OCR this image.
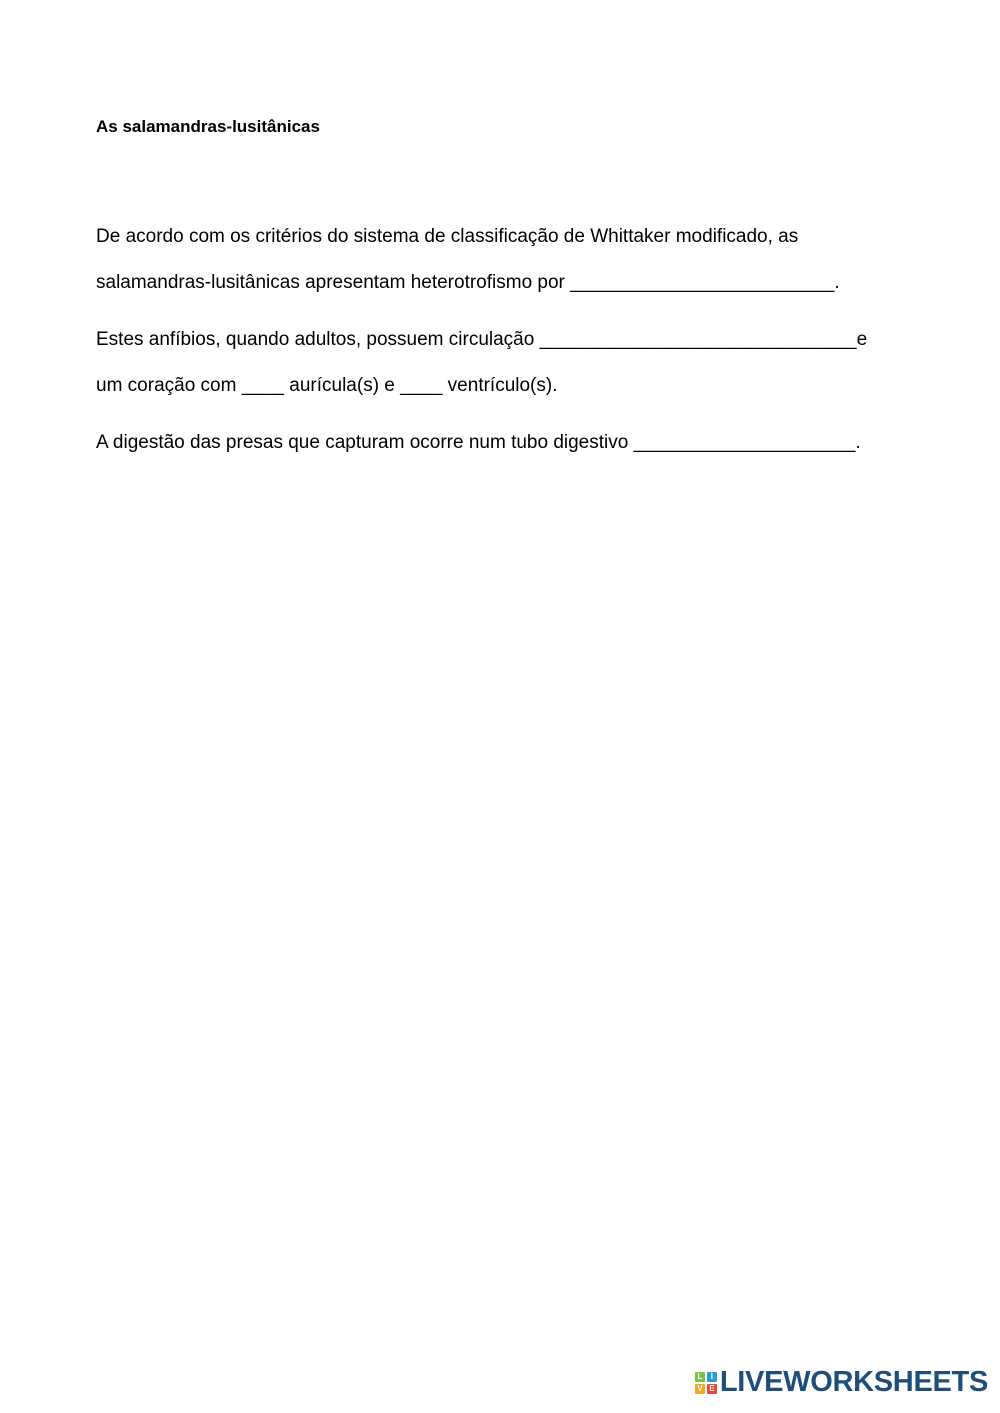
As salamandras-lusitânicas

De acordo com os critérios do sistema de classificação de Whittaker modificado, as

salamandras-lusitânicas apresentam heterotrofismo por _________________________.

Estes anfíbios, quando adultos, possuem circulação ______________________________e

um coração com ____ aurícula(s) e ____ ventrículo(s).

A digestão das presas que capturam ocorre num tubo digestivo _____________________.

L	I
V E LIVEWORKSHEETS
